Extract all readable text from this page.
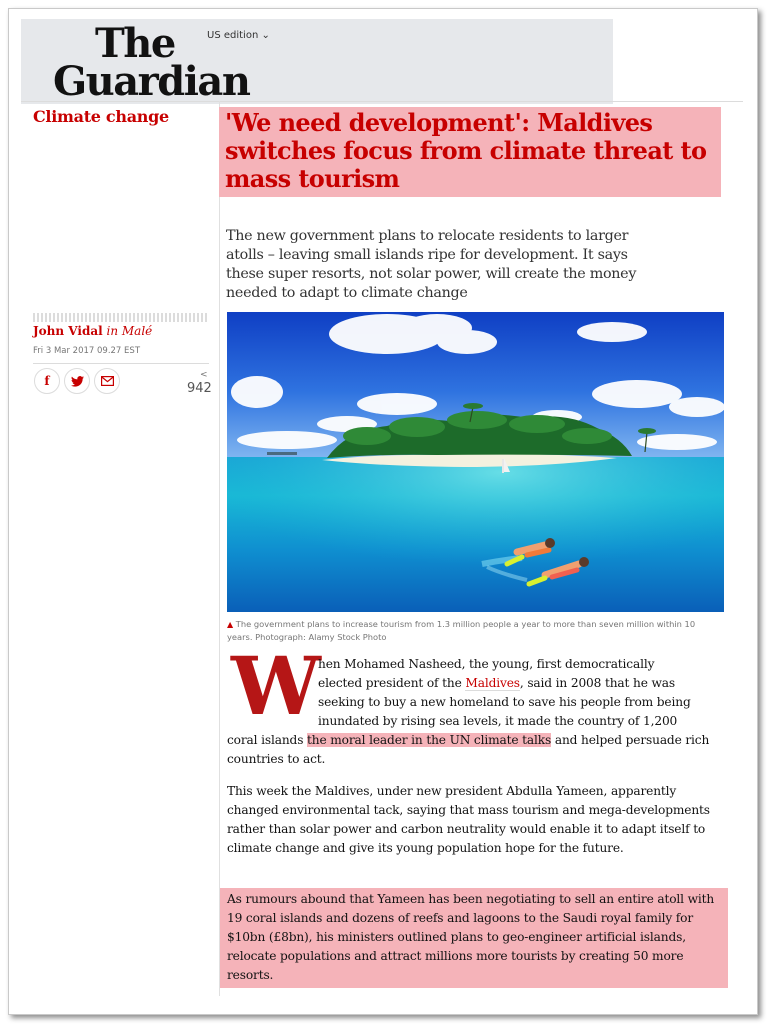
The
Guardian
US edition ⌄
Climate change 'We need development': Maldives switches focus from climate threat to mass tourism
The new government plans to relocate residents to larger atolls – leaving small islands ripe for development. It says these super resorts, not solar power, will create the money needed to adapt to climate change
John Vidal in Malé
Fri 3 Mar 2017 09.27 EST
f	<
942
▲ The government plans to increase tourism from 1.3 million people a year to more than seven million within 10 years. Photograph: Alamy Stock Photo
W
hen Mohamed Nasheed, the young, first democratically
elected president of the Maldives, said in 2008 that he was
seeking to buy a new homeland to save his people from being
inundated by rising sea levels, it made the country of 1,200
coral islands the moral leader in the UN climate talks and helped persuade rich countries to act.
This week the Maldives, under new president Abdulla Yameen, apparently changed environmental tack, saying that mass tourism and mega-developments rather than solar power and carbon neutrality would enable it to adapt itself to climate change and give its young population hope for the future.
As rumours abound that Yameen has been negotiating to sell an entire atoll with 19 coral islands and dozens of reefs and lagoons to the Saudi royal family for $10bn (£8bn), his ministers outlined plans to geo-engineer artificial islands, relocate populations and attract millions more tourists by creating 50 more resorts.
